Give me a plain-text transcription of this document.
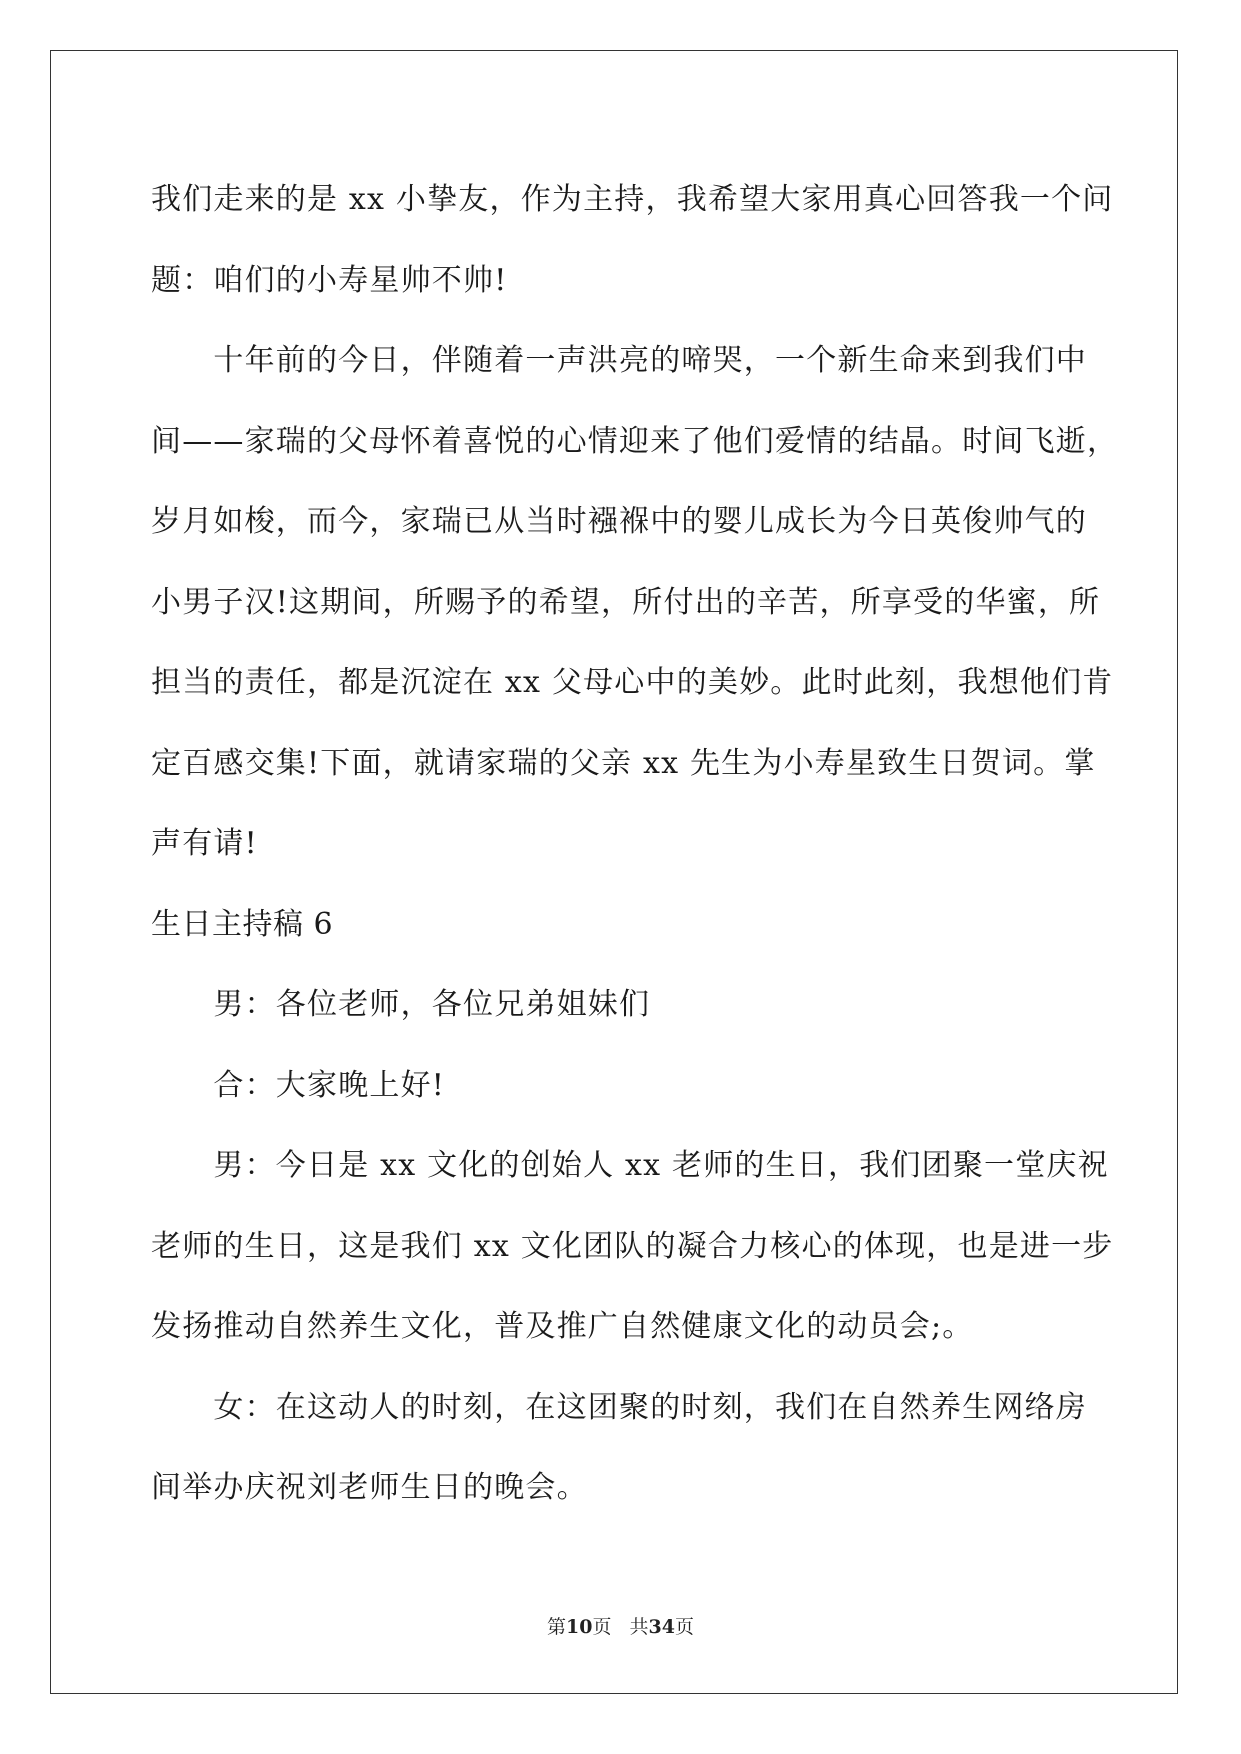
我们走来的是 xx 小挚友，作为主持，我希望大家用真心回答我一个问
题：咱们的小寿星帅不帅!
　　十年前的今日，伴随着一声洪亮的啼哭，一个新生命来到我们中
间——家瑞的父母怀着喜悦的心情迎来了他们爱情的结晶。时间飞逝，
岁月如梭，而今，家瑞已从当时襁褓中的婴儿成长为今日英俊帅气的
小男子汉!这期间，所赐予的希望，所付出的辛苦，所享受的华蜜，所
担当的责任，都是沉淀在 xx 父母心中的美妙。此时此刻，我想他们肯
定百感交集!下面，就请家瑞的父亲 xx 先生为小寿星致生日贺词。掌
声有请!
生日主持稿 6
　　男：各位老师，各位兄弟姐妹们
　　合：大家晚上好!
　　男：今日是 xx 文化的创始人 xx 老师的生日，我们团聚一堂庆祝
老师的生日，这是我们 xx 文化团队的凝合力核心的体现，也是进一步
发扬推动自然养生文化，普及推广自然健康文化的动员会;。
　　女：在这动人的时刻，在这团聚的时刻，我们在自然养生网络房
间举办庆祝刘老师生日的晚会。
第10页 共34页
